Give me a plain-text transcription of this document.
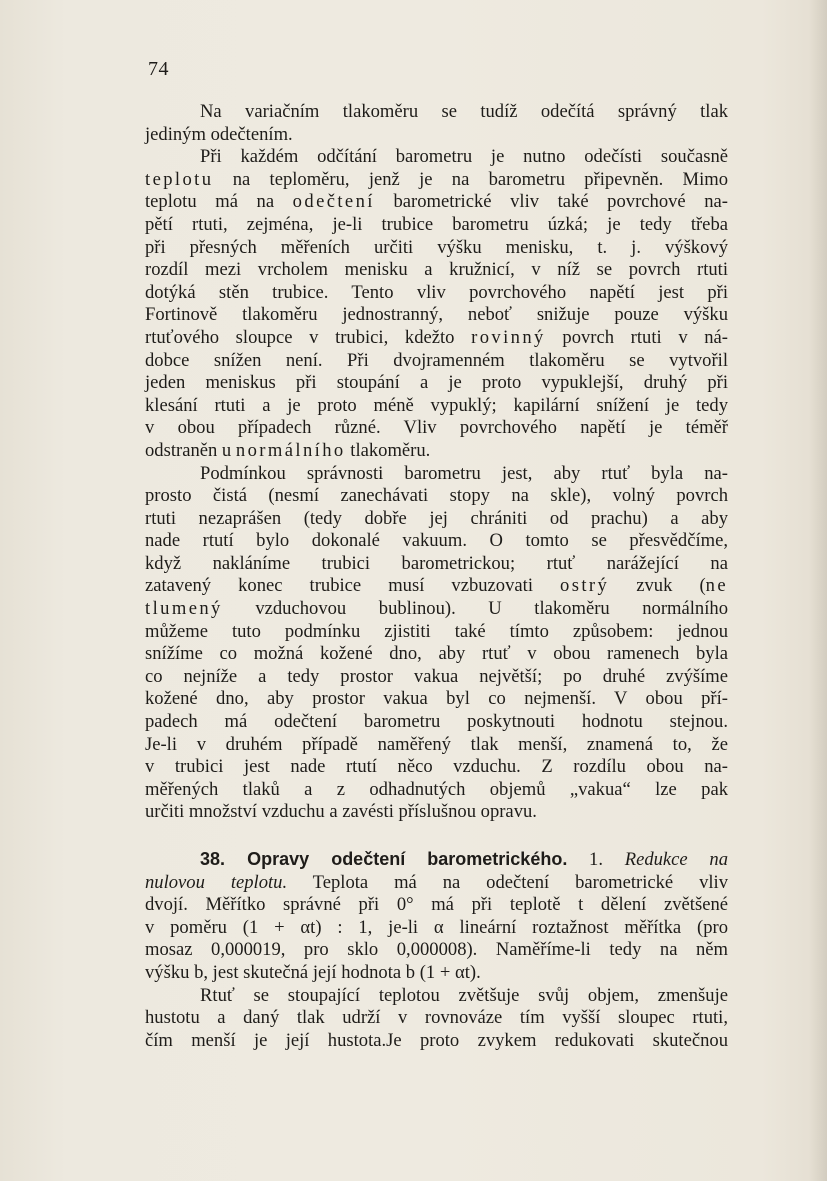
74
Na variačním tlakoměru se tudíž odečítá správný tlak
jediným odečtením.
Při každém odčítání barometru je nutno odečísti současně
teplotu na teploměru, jenž je na barometru připevněn. Mimo
teplotu má na odečtení barometrické vliv také povrchové na-
pětí rtuti, zejména, je-li trubice barometru úzká; je tedy třeba
při přesných měřeních určiti výšku menisku, t. j. výškový
rozdíl mezi vrcholem menisku a kružnicí, v níž se povrch rtuti
dotýká stěn trubice. Tento vliv povrchového napětí jest při
Fortinově tlakoměru jednostranný, neboť snižuje pouze výšku
rtuťového sloupce v trubici, kdežto rovinný povrch rtuti v ná-
dobce snížen není. Při dvojramenném tlakoměru se vytvořil
jeden meniskus při stoupání a je proto vypuklejší, druhý při
klesání rtuti a je proto méně vypuklý; kapilární snížení je tedy
v obou případech různé. Vliv povrchového napětí je téměř
odstraněn u normálního tlakoměru.
Podmínkou správnosti barometru jest, aby rtuť byla na-
prosto čistá (nesmí zanechávati stopy na skle), volný povrch
rtuti nezaprášen (tedy dobře jej chrániti od prachu) a aby
nade rtutí bylo dokonalé vakuum. O tomto se přesvědčíme,
když nakláníme trubici barometrickou; rtuť narážející na
zatavený konec trubice musí vzbuzovati ostrý zvuk (ne
tlumený vzduchovou bublinou). U tlakoměru normálního
můžeme tuto podmínku zjistiti také tímto způsobem: jednou
snížíme co možná kožené dno, aby rtuť v obou ramenech byla
co nejníže a tedy prostor vakua největší; po druhé zvýšíme
kožené dno, aby prostor vakua byl co nejmenší. V obou pří-
padech má odečtení barometru poskytnouti hodnotu stejnou.
Je-li v druhém případě naměřený tlak menší, znamená to, že
v trubici jest nade rtutí něco vzduchu. Z rozdílu obou na-
měřených tlaků a z odhadnutých objemů „vakua“ lze pak
určiti množství vzduchu a zavésti příslušnou opravu.
38. Opravy odečtení barometrického. 1. Redukce na
nulovou teplotu. Teplota má na odečtení barometrické vliv
dvojí. Měřítko správné při 0° má při teplotě t dělení zvětšené
v poměru (1 + αt) : 1, je-li α lineární roztažnost měřítka (pro
mosaz 0,000019, pro sklo 0,000008). Naměříme-li tedy na něm
výšku b, jest skutečná její hodnota b (1 + αt).
Rtuť se stoupající teplotou zvětšuje svůj objem, zmenšuje
hustotu a daný tlak udrží v rovnováze tím vyšší sloupec rtuti,
čím menší je její hustota.Je proto zvykem redukovati skutečnou
